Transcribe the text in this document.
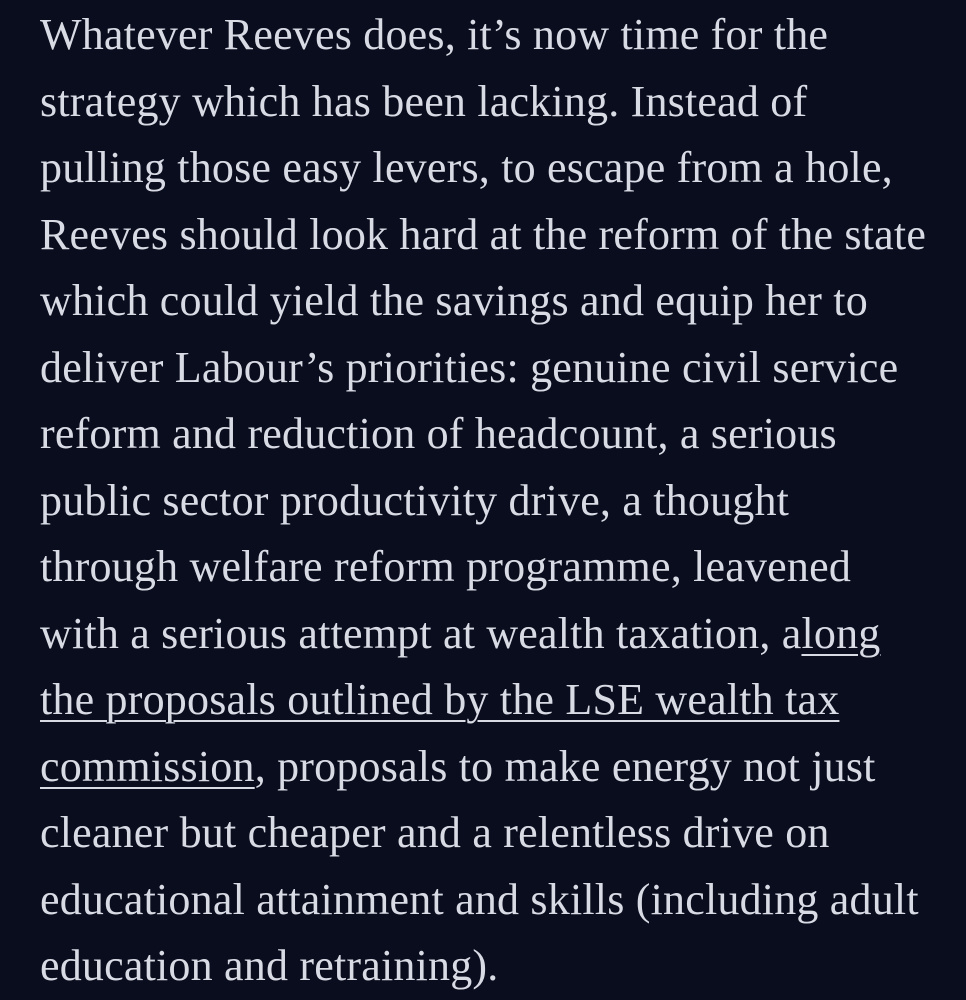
Whatever Reeves does, it’s now time for the strategy which has been lacking. Instead of pulling those easy levers, to escape from a hole, Reeves should look hard at the reform of the state which could yield the savings and equip her to deliver Labour’s priorities: genuine civil service reform and reduction of headcount, a serious public sector productivity drive, a thought through welfare reform programme, leavened with a serious attempt at wealth taxation, along the proposals outlined by the LSE wealth tax commission, proposals to make energy not just cleaner but cheaper and a relentless drive on educational attainment and skills (including adult education and retraining).
